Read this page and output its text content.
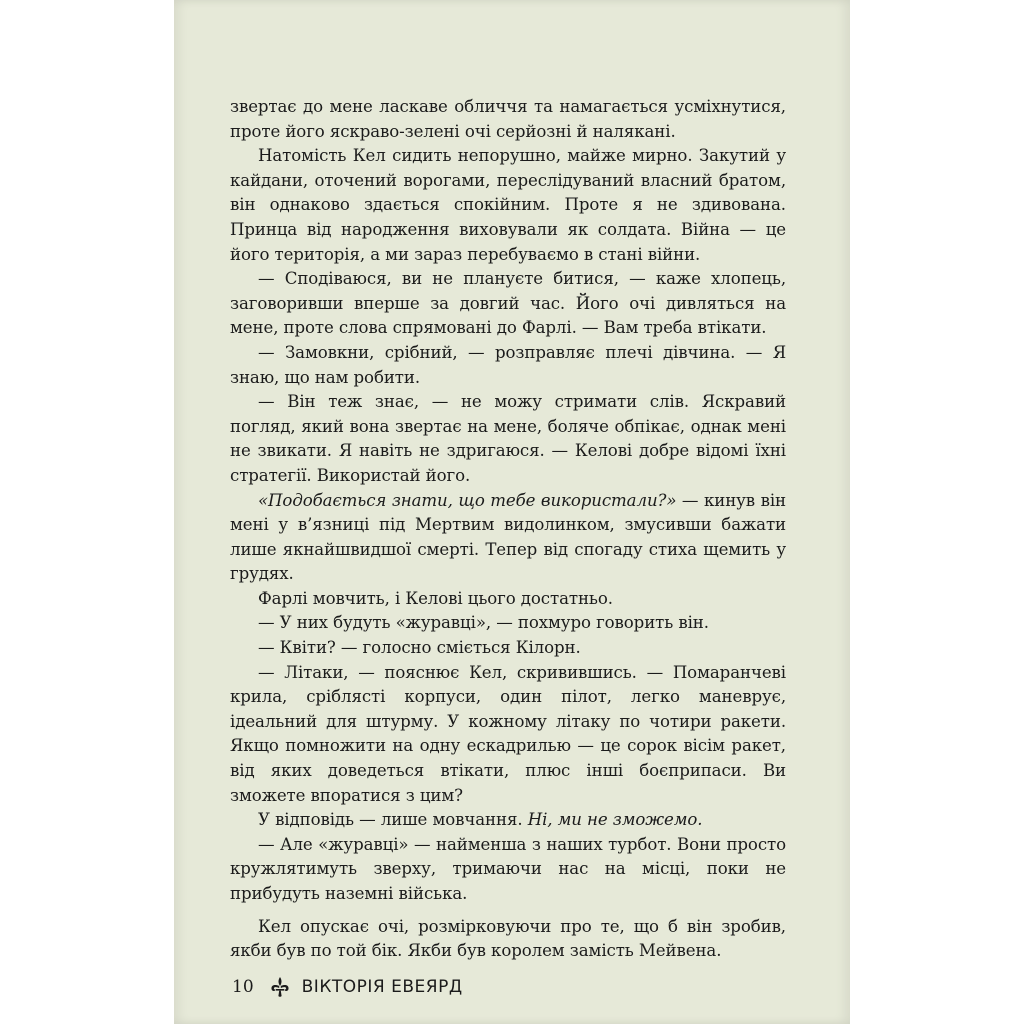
звертає до мене ласкаве обличчя та намагається усміхнутися, проте його яскраво-зелені очі серйозні й налякані.

Натомість Кел сидить непорушно, майже мирно. Закутий у кайдани, оточений ворогами, переслідуваний власний братом, він однаково здається спокійним. Проте я не здивована. Принца від народження виховували як солдата. Війна — це його територія, а ми зараз перебуваємо в стані війни.

— Сподіваюся, ви не плануєте битися, — каже хлопець, заговоривши вперше за довгий час. Його очі дивляться на мене, проте слова спрямовані до Фарлі. — Вам треба втікати.

— Замовкни, срібний, — розправляє плечі дівчина. — Я знаю, що нам робити.

— Він теж знає, — не можу стримати слів. Яскравий погляд, який вона звертає на мене, боляче обпікає, однак мені не звикати. Я навіть не здригаюся. — Келові добре відомі їхні стратегії. Використай його.

«Подобається знати, що тебе використали?» — кинув він мені у в’язниці під Мертвим видолинком, змусивши бажати лише якнайшвидшої смерті. Тепер від спогаду стиха щемить у грудях.

Фарлі мовчить, і Келові цього достатньо.

— У них будуть «журавці», — похмуро говорить він.

— Квіти? — голосно сміється Кілорн.

— Літаки, — пояснює Кел, скривившись. — Помаранчеві крила, сріблясті корпуси, один пілот, легко маневрує, ідеальний для штурму. У кожному літаку по чотири ракети. Якщо помножити на одну ескадрилью — це сорок вісім ракет, від яких доведеться втікати, плюс інші боєприпаси. Ви зможете впоратися з цим?

У відповідь — лише мовчання. Ні, ми не зможемо.

— Але «журавці» — найменша з наших турбот. Вони просто кружлятимуть зверху, тримаючи нас на місці, поки не прибудуть наземні війська.

Кел опускає очі, розмірковуючи про те, що б він зробив, якби був по той бік. Якби був королем замість Мейвена.

10	ВІКТОРІЯ ЕВЕЯРД
